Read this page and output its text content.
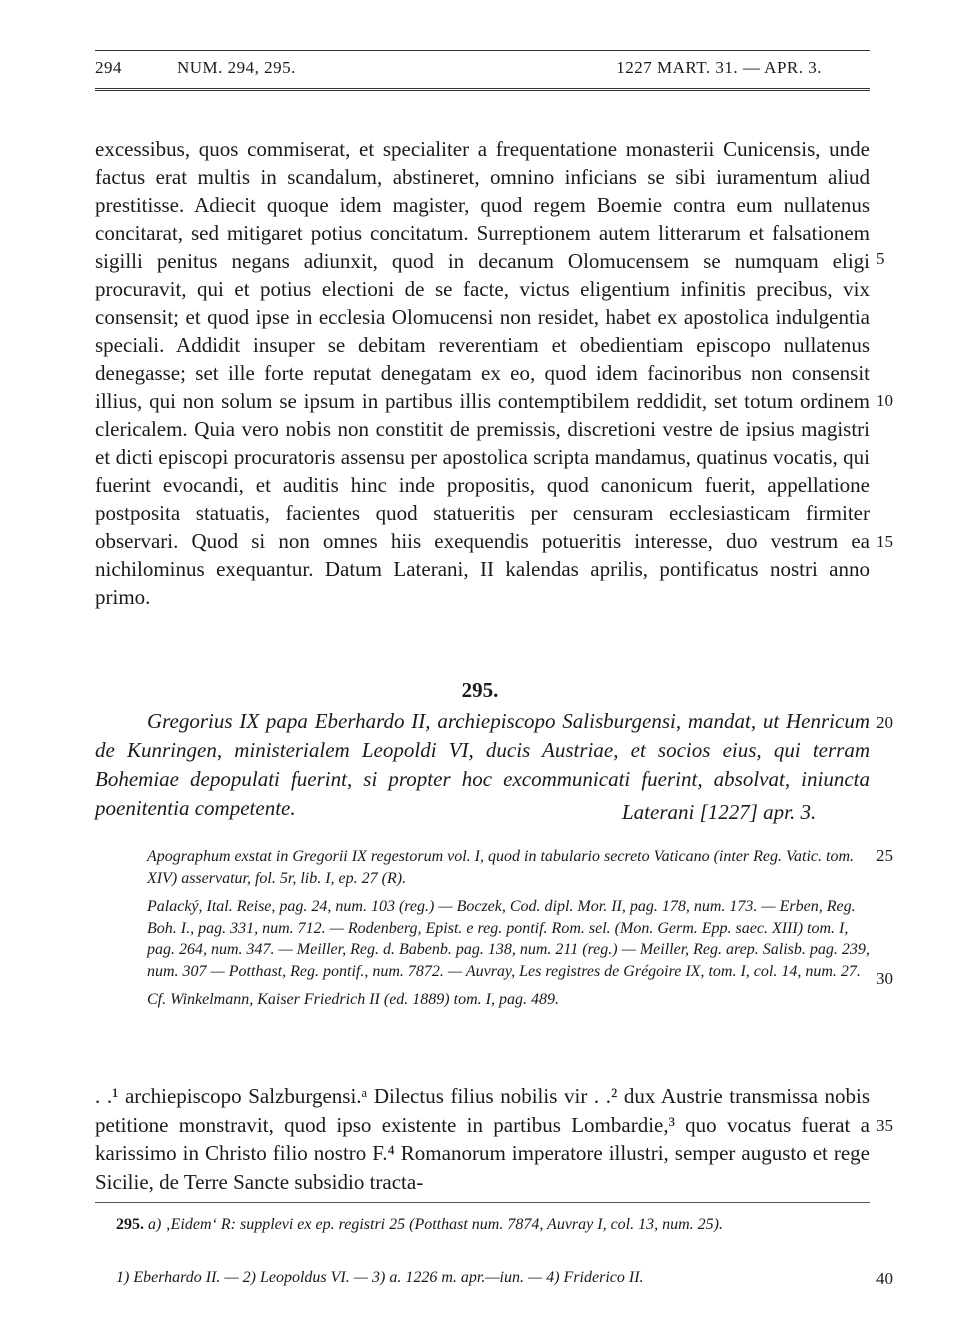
294	NUM. 294, 295.	1227 MART. 31. — APR. 3.

excessibus, quos commiserat, et specialiter a frequentatione monasterii Cunicensis, unde factus erat multis in scandalum, abstineret, omnino inficians se sibi iuramentum aliud prestitisse. Adiecit quoque idem magister, quod regem Boemie contra eum nullatenus concitarat, sed mitigaret potius concitatum. Surreptionem autem litterarum et falsationem sigilli penitus negans adiunxit, quod in decanum Olomucensem se numquam eligi procuravit, qui et potius electioni de se facte, victus eligentium infinitis precibus, vix consensit; et quod ipse in ecclesia Olomucensi non residet, habet ex apostolica indulgentia speciali. Addidit insuper se debitam reverentiam et obedientiam episcopo nullatenus denegasse; set ille forte reputat denegatam ex eo, quod idem facinoribus non consensit illius, qui non solum se ipsum in partibus illis contemptibilem reddidit, set totum ordinem clericalem. Quia vero nobis non constitit de premissis, discretioni vestre de ipsius magistri et dicti episcopi procuratoris assensu per apostolica scripta mandamus, quatinus vocatis, qui fuerint evocandi, et auditis hinc inde propositis, quod canonicum fuerit, appellatione postposita statuatis, facientes quod statueritis per censuram ecclesiasticam firmiter observari. Quod si non omnes hiis exequendis potueritis interesse, duo vestrum ea nichilominus exequantur. Datum Laterani, II kalendas aprilis, pontificatus nostri anno primo.

5
10
15
20
25
30
35
40
295.

Gregorius IX papa Eberhardo II, archiepiscopo Salisburgensi, mandat, ut Henricum de Kunringen, ministerialem Leopoldi VI, ducis Austriae, et socios eius, qui terram Bohemiae depopulati fuerint, si propter hoc excommunicati fuerint, absolvat, iniuncta poenitentia competente.	Laterani [1227] apr. 3.

Apographum exstat in Gregorii IX regestorum vol. I, quod in tabulario secreto Vaticano (inter Reg. Vatic. tom. XIV) asservatur, fol. 5r, lib. I, ep. 27 (R).

Palacký, Ital. Reise, pag. 24, num. 103 (reg.) — Boczek, Cod. dipl. Mor. II, pag. 178, num. 173. — Erben, Reg. Boh. I., pag. 331, num. 712. — Rodenberg, Epist. e reg. pontif. Rom. sel. (Mon. Germ. Epp. saec. XIII) tom. I, pag. 264, num. 347. — Meiller, Reg. d. Babenb. pag. 138, num. 211 (reg.) — Meiller, Reg. arep. Salisb. pag. 239, num. 307 — Potthast, Reg. pontif., num. 7872. — Auvray, Les registres de Grégoire IX, tom. I, col. 14, num. 27.

Cf. Winkelmann, Kaiser Friedrich II (ed. 1889) tom. I, pag. 489.

. .¹ archiepiscopo Salzburgensi.ᵃ Dilectus filius nobilis vir . .² dux Austrie transmissa nobis petitione monstravit, quod ipso existente in partibus Lombardie,³ quo vocatus fuerat a karissimo in Christo filio nostro F.⁴ Romanorum imperatore illustri, semper augusto et rege Sicilie, de Terre Sancte subsidio tracta-

295. a) ‚Eidem‘ R: supplevi ex ep. registri 25 (Potthast num. 7874, Auvray I, col. 13, num. 25).
1) Eberhardo II. — 2) Leopoldus VI. — 3) a. 1226 m. apr.—iun. — 4) Friderico II.
